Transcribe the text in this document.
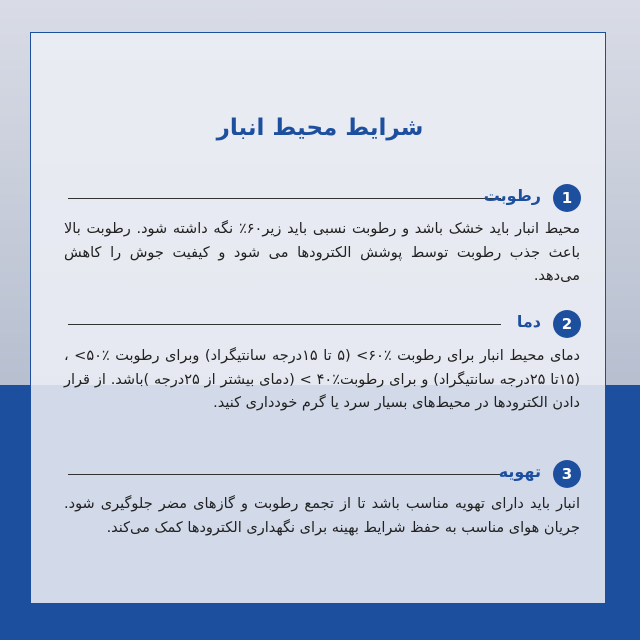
شرایط محیط انبار
رطوبت	1
محیط انبار باید خشک باشد و رطوبت نسبی باید زیر۶۰٪ نگه داشته شود. رطوبت بالا باعث جذب رطوبت توسط پوشش الکترودها می شود و کیفیت جوش را کاهش می‌دهد.
دما	2
دمای محیط انبار برای رطوبت ٪۶۰> (۵ تا ۱۵درجه سانتیگراد) وبرای رطوبت ٪۵۰> ،(۱۵تا ۲۵درجه سانتیگراد) و برای رطوبت٪۴۰ > (دمای بیشتر از ۲۵درجه )باشد. از قرار دادن الکترودها در محیط‌های بسیار سرد یا گرم خودداری کنید.
تهویه	3
انبار باید دارای تهویه مناسب باشد تا از تجمع رطوبت و گازهای مضر جلوگیری شود. جریان هوای مناسب به حفظ شرایط بهینه برای نگهداری الکترودها کمک می‌کند.
